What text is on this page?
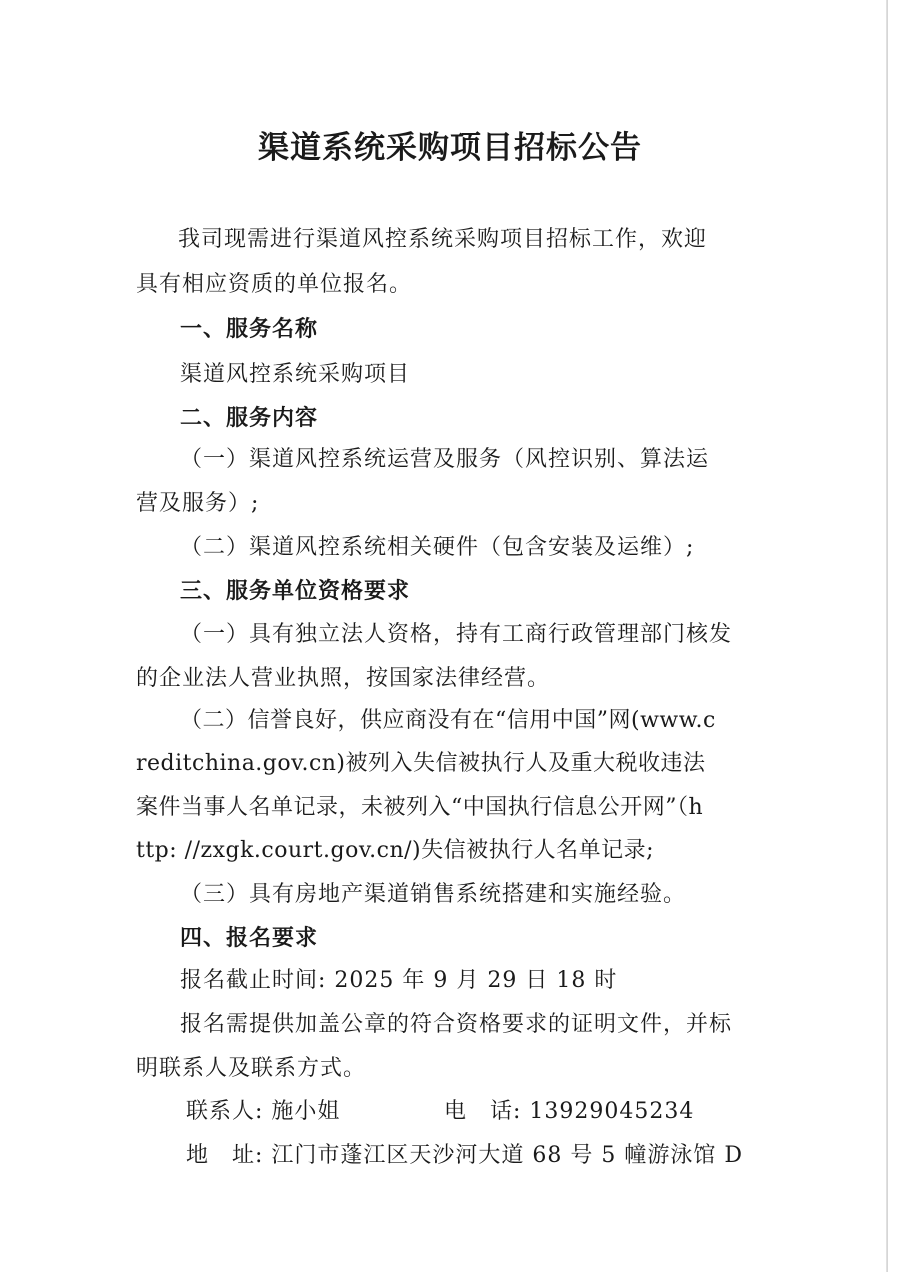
渠道系统采购项目招标公告
我司现需进行渠道风控系统采购项目招标工作，欢迎
具有相应资质的单位报名。
一、服务名称
渠道风控系统采购项目
二、服务内容
（一）渠道风控系统运营及服务（风控识别、算法运
营及服务）;
（二）渠道风控系统相关硬件（包含安装及运维）;
三、服务单位资格要求
（一）具有独立法人资格，持有工商行政管理部门核发
的企业法人营业执照，按国家法律经营。
（二）信誉良好，供应商没有在“信用中国”网(www.c
reditchina.gov.cn)被列入失信被执行人及重大税收违法
案件当事人名单记录，未被列入“中国执行信息公开网”（h
ttp: //zxgk.court.gov.cn/)失信被执行人名单记录;
（三）具有房地产渠道销售系统搭建和实施经验。
四、报名要求
报名截止时间: 2025 年 9 月 29 日 18 时
报名需提供加盖公章的符合资格要求的证明文件，并标
明联系人及联系方式。
联系人: 施小姐	电　话: 13929045234
地　址: 江门市蓬江区天沙河大道 68 号 5 幢游泳馆 D
